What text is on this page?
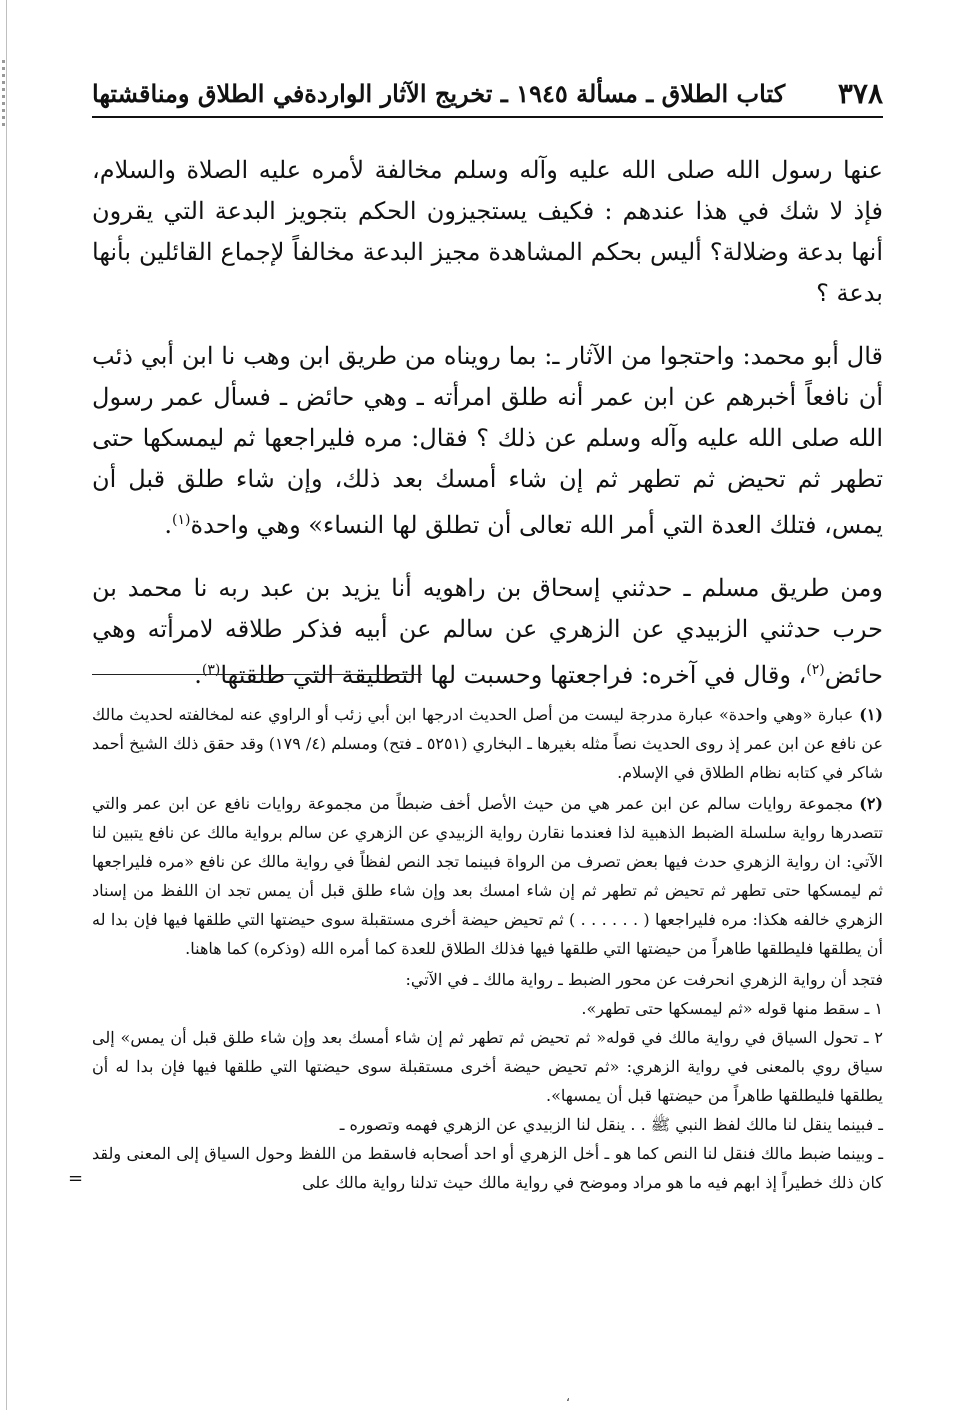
٣٧٨
كتاب الطلاق ـ مسألة ١٩٤٥ ـ تخريج الآثار الواردةفي الطلاق ومناقشتها

عنها رسول الله صلى الله عليه وآله وسلم مخالفة لأمره عليه الصلاة والسلام، فإذ لا شك في هذا عندهم : فكيف يستجيزون الحكم بتجويز البدعة التي يقرون أنها بدعة وضلالة؟ أليس بحكم المشاهدة مجيز البدعة مخالفاً لإجماع القائلين بأنها بدعة ؟

قال أبو محمد: واحتجوا من الآثار ـ: بما رويناه من طريق ابن وهب نا ابن أبي ذئب أن نافعاً أخبرهم عن ابن عمر أنه طلق امرأته ـ وهي حائض ـ فسأل عمر رسول الله صلى الله عليه وآله وسلم عن ذلك ؟ فقال: مره فليراجعها ثم ليمسكها حتى تطهر ثم تحيض ثم تطهر ثم إن شاء أمسك بعد ذلك، وإن شاء طلق قبل أن يمس، فتلك العدة التي أمر الله تعالى أن تطلق لها النساء» وهي واحدة$^{(١)}$.

ومن طريق مسلم ـ حدثني إسحاق بن راهويه أنا يزيد بن عبد ربه نا محمد بن حرب حدثني الزبيدي عن الزهري عن سالم عن أبيه فذكر طلاقه لامرأته وهي حائض$^{(٢)}$، وقال في آخره: فراجعتها وحسبت لها التطليقة التي طلقتها$^{(٣)}$.

(١)عبارة «وهي واحدة» عبارة مدرجة ليست من أصل الحديث ادرجها ابن أبي زئب أو الراوي عنه لمخالفته لحديث مالك عن نافع عن ابن عمر إذ روى الحديث نصاً مثله بغيرها ـ البخاري (٥٢٥١ ـ فتح) ومسلم (٤/ ١٧٩) وقد حقق ذلك الشيخ أحمد شاكر في كتابه نظام الطلاق في الإسلام.

(٢)مجموعة روايات سالم عن ابن عمر هي من حيث الأصل أخف ضبطاً من مجموعة روايات نافع عن ابن عمر والتي تتصدرها رواية سلسلة الضبط الذهبية لذا فعندما نقارن رواية الزبيدي عن الزهري عن سالم برواية مالك عن نافع يتبين لنا الآتي: ان رواية الزهري حدث فيها بعض تصرف من الرواة فبينما تجد النص لفظاً في رواية مالك عن نافع «مره فليراجعها ثم ليمسكها حتى تطهر ثم تحيض ثم تطهر ثم إن شاء امسك بعد وإن شاء طلق قبل أن يمس تجد ان اللفظ من إسناد الزهري خالفه هكذا: مره فليراجعها ( . . . . . . ) ثم تحيض حيضة أخرى مستقبلة سوى حيضتها التي طلقها فيها فإن بدا له أن يطلقها فليطلقها طاهراً من حيضتها التي طلقها فيها فذلك الطلاق للعدة كما أمره الله (وذكره) كما هاهنا.

فتجد أن رواية الزهري انحرفت عن محور الضبط ـ رواية مالك ـ في الآتي:

١ ـ سقط منها قوله «ثم ليمسكها حتى تطهر».

٢ ـ تحول السياق في رواية مالك في قوله« ثم تحيض ثم تطهر ثم إن شاء أمسك بعد وإن شاء طلق قبل أن يمس» إلى سياق روي بالمعنى في رواية الزهري: «ثم تحيض حيضة أخرى مستقبلة سوى حيضتها التي طلقها فيها فإن بدا له أن يطلقها فليطلقها طاهراً من حيضتها قبل أن يمسها».

ـ فبينما ينقل لنا مالك لفظ النبي ﷺ . . ينقل لنا الزبيدي عن الزهري فهمه وتصوره ـ

ـ وبينما ضبط مالك فنقل لنا النص كما هو ـ أخل الزهري أو احد أصحابه فاسقط من اللفظ وحول السياق إلى المعنى ولقد كان ذلك خطيراً إذ ابهم فيه ما هو مراد وموضح في رواية مالك حيث تدلنا رواية مالك على
=

،
